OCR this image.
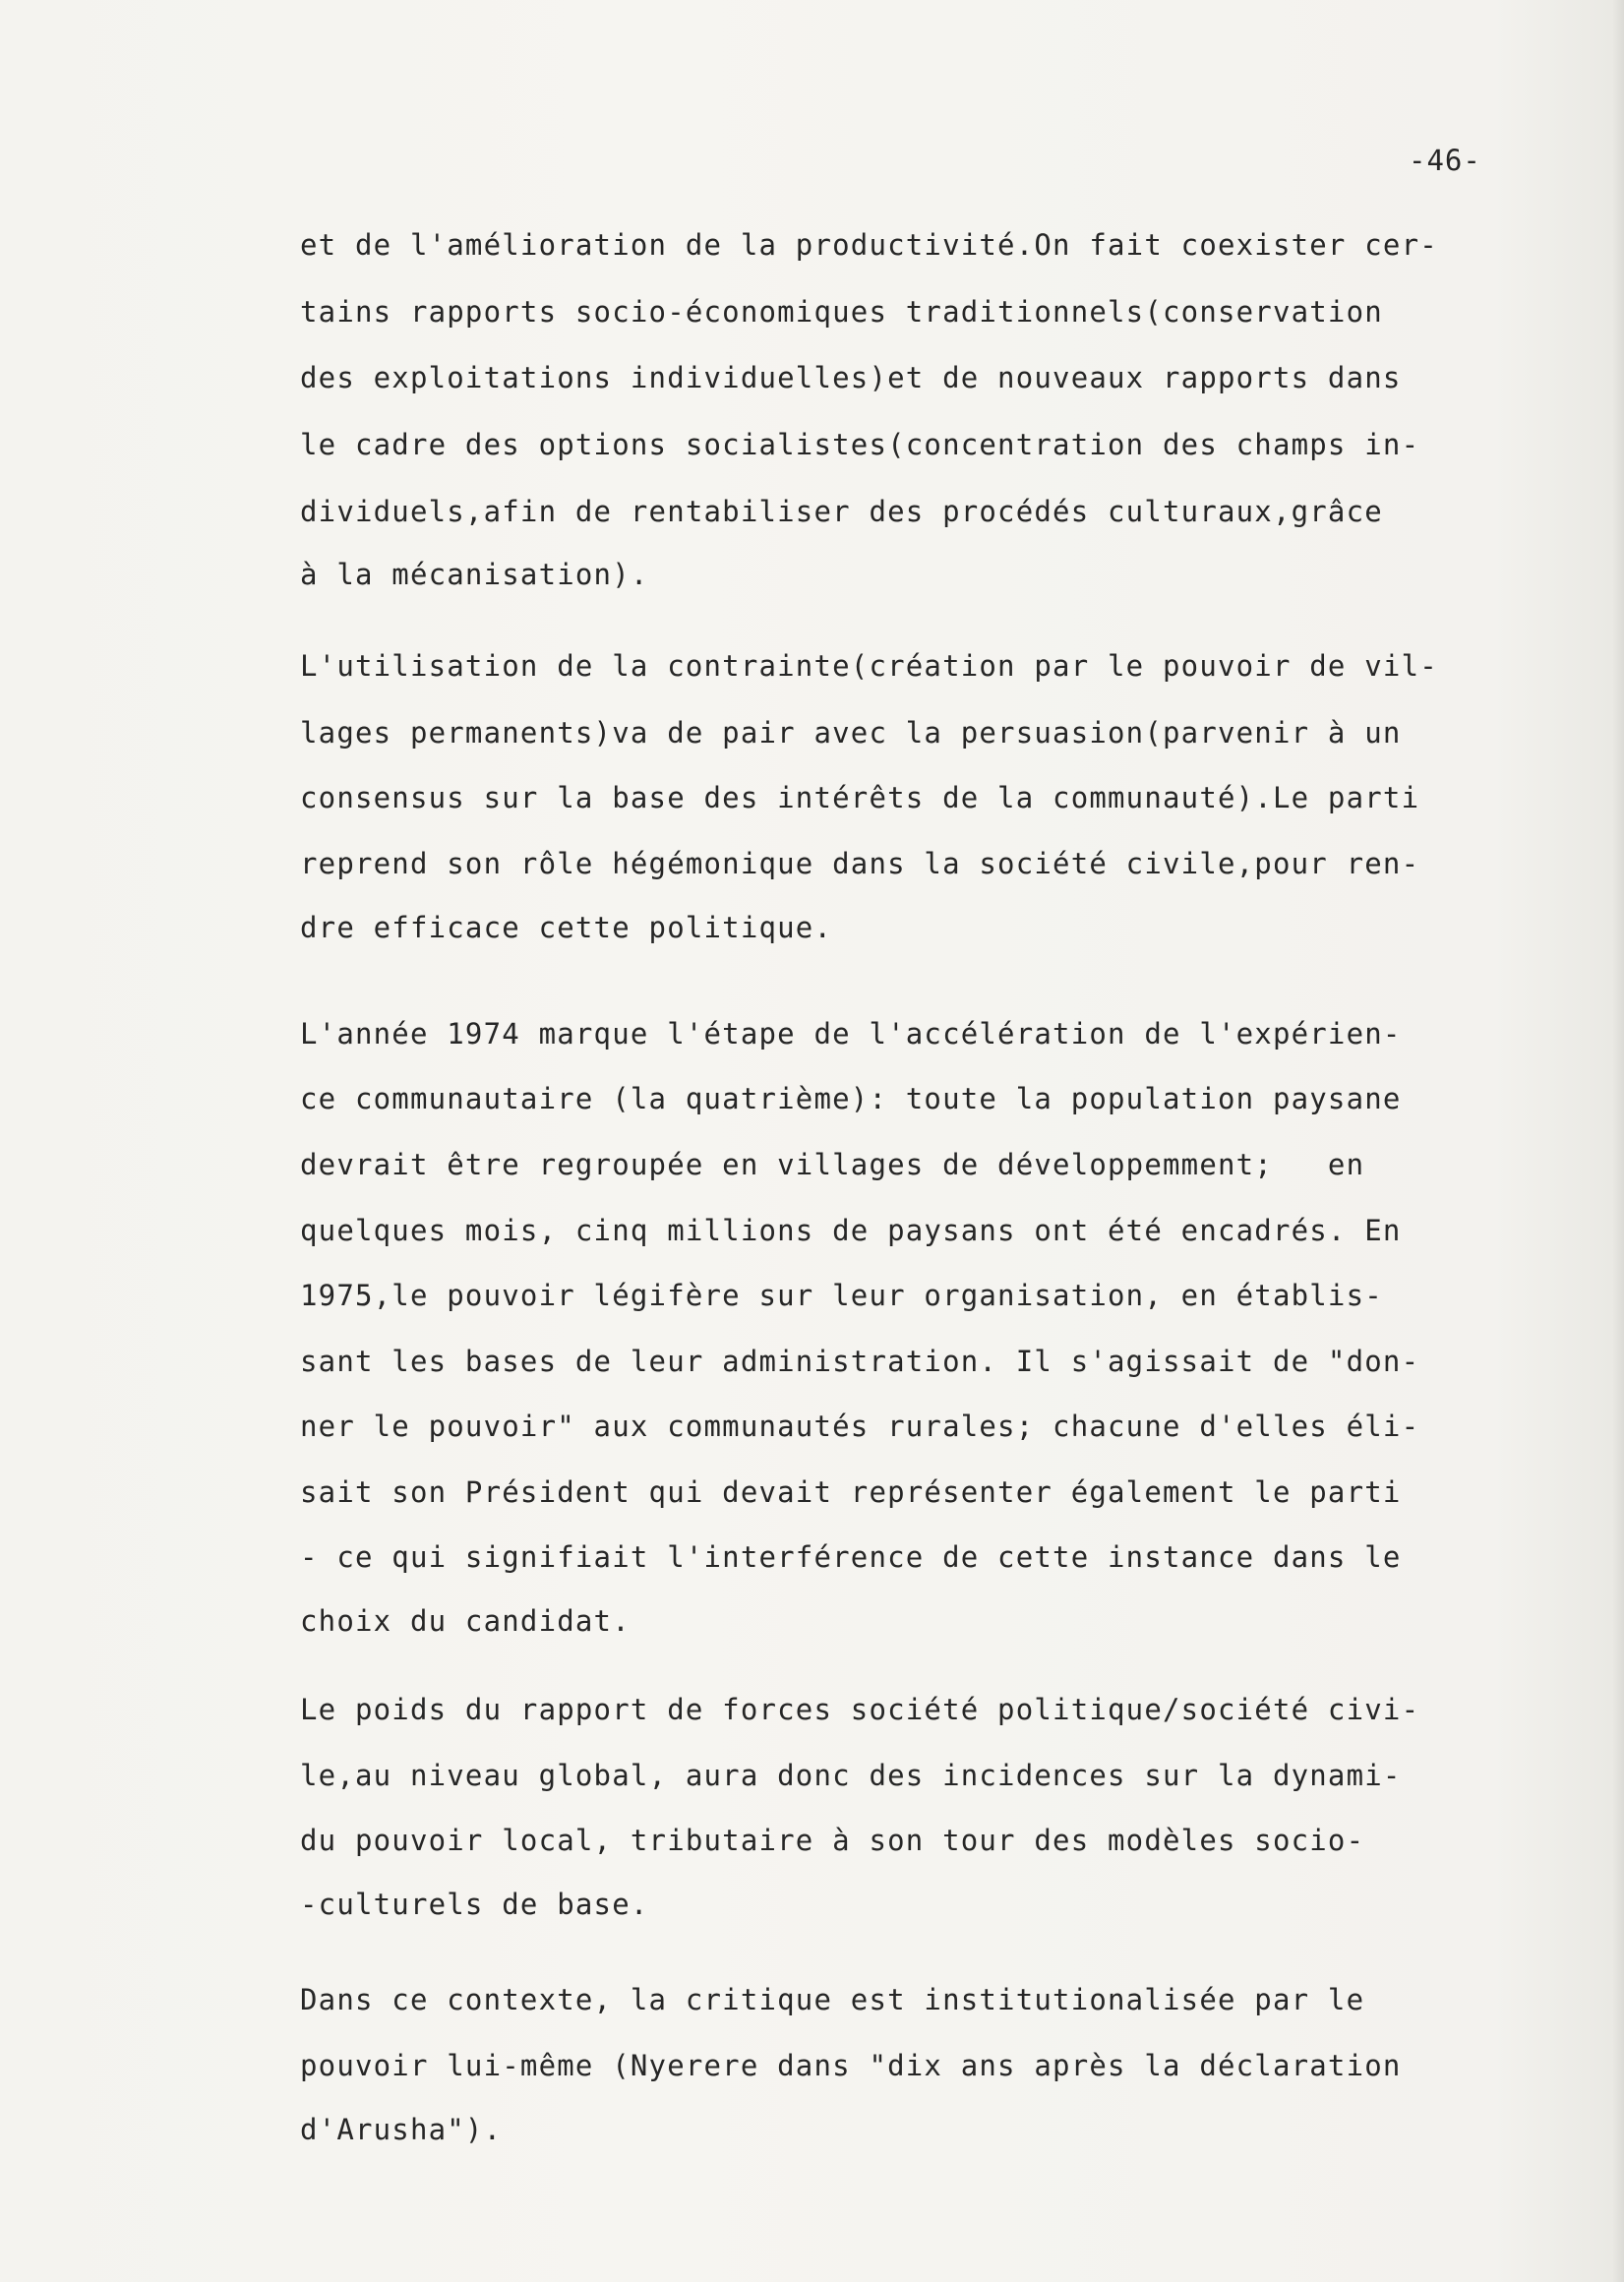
-46-
et de l'amélioration de la productivité.On fait coexister cer-
tains rapports socio-économiques traditionnels(conservation
des exploitations individuelles)et de nouveaux rapports dans
le cadre des options socialistes(concentration des champs in-
dividuels,afin de rentabiliser des procédés culturaux,grâce
à la mécanisation).
L'utilisation de la contrainte(création par le pouvoir de vil-
lages permanents)va de pair avec la persuasion(parvenir à un
consensus sur la base des intérêts de la communauté).Le parti
reprend son rôle hégémonique dans la société civile,pour ren-
dre efficace cette politique.
L'année 1974 marque l'étape de l'accélération de l'expérien-
ce communautaire (la quatrième): toute la population paysane
devrait être regroupée en villages de développemment;   en
quelques mois, cinq millions de paysans ont été encadrés. En
1975,le pouvoir légifère sur leur organisation, en établis-
sant les bases de leur administration. Il s'agissait de "don-
ner le pouvoir" aux communautés rurales; chacune d'elles éli-
sait son Président qui devait représenter également le parti
- ce qui signifiait l'interférence de cette instance dans le
choix du candidat.
Le poids du rapport de forces société politique/société civi-
le,au niveau global, aura donc des incidences sur la dynami-
du pouvoir local, tributaire à son tour des modèles socio-
-culturels de base.
Dans ce contexte, la critique est institutionalisée par le
pouvoir lui-même (Nyerere dans "dix ans après la déclaration
d'Arusha").
